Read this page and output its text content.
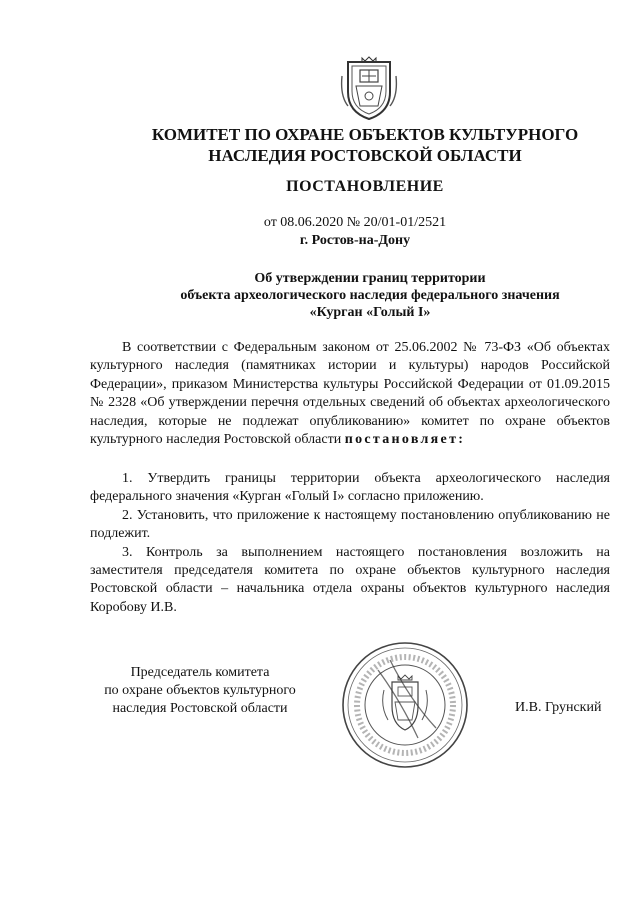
КОМИТЕТ ПО ОХРАНЕ ОБЪЕКТОВ КУЛЬТУРНОГО
НАСЛЕДИЯ РОСТОВСКОЙ ОБЛАСТИ
ПОСТАНОВЛЕНИЕ
от 08.06.2020 № 20/01-01/2521
г. Ростов-на-Дону
Об утверждении границ территории
объекта археологического наследия федерального значения
«Курган «Голый I»
В соответствии с Федеральным законом от 25.06.2002 № 73-ФЗ «Об объектах культурного наследия (памятниках истории и культуры) народов Российской Федерации», приказом Министерства культуры Российской Федерации от 01.09.2015 № 2328 «Об утверждении перечня отдельных сведений об объектах археологического наследия, которые не подлежат опубликованию» комитет по охране объектов культурного наследия Ростовской области постановляет:

1. Утвердить границы территории объекта археологического наследия федерального значения «Курган «Голый I» согласно приложению.

2. Установить, что приложение к настоящему постановлению опубликованию не подлежит.

3. Контроль за выполнением настоящего постановления возложить на заместителя председателя комитета по охране объектов культурного наследия Ростовской области – начальника отдела охраны объектов культурного наследия Коробову И.В.

Председатель комитета
по охране объектов культурного
наследия Ростовской области	И.В. Грунский
